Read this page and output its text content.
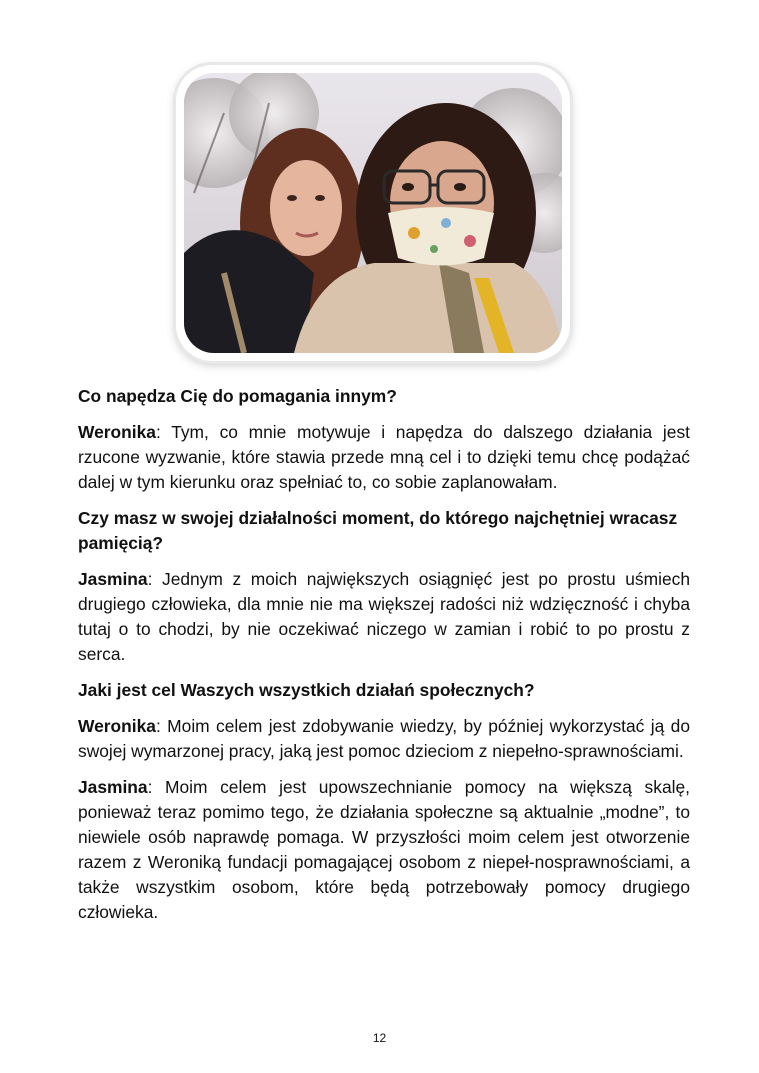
Co napędza Cię do pomagania innym?

Weronika: Tym, co mnie motywuje i napędza do dalszego działania jest rzucone wyzwanie, które stawia przede mną cel i to dzięki temu chcę podążać dalej w tym kierunku oraz spełniać to, co sobie zaplanowałam.

Czy masz w swojej działalności moment, do którego najchętniej wracasz pamięcią?

Jasmina: Jednym z moich największych osiągnięć jest po prostu uśmiech drugiego człowieka, dla mnie nie ma większej radości niż wdzięczność i chyba tutaj o to chodzi, by nie oczekiwać́ niczego w zamian i robić́ to po prostu z serca.

Jaki jest cel Waszych wszystkich działań społecznych?

Weronika: Moim celem jest zdobywanie wiedzy, by później wykorzystać ją do swojej wymarzonej pracy, jaką jest pomoc dzieciom z niepełno-sprawnościami.

Jasmina: Moim celem jest upowszechnianie pomocy na większą skalę, ponieważ teraz pomimo tego, że działania społeczne są aktualnie „modne”, to niewiele osób naprawdę pomaga. W przyszłości moim celem jest otworzenie razem z Weroniką fundacji pomagającej osobom z niepeł-nosprawnościami, a także wszystkim osobom, które będą potrzebowały pomocy drugiego człowieka.

12
